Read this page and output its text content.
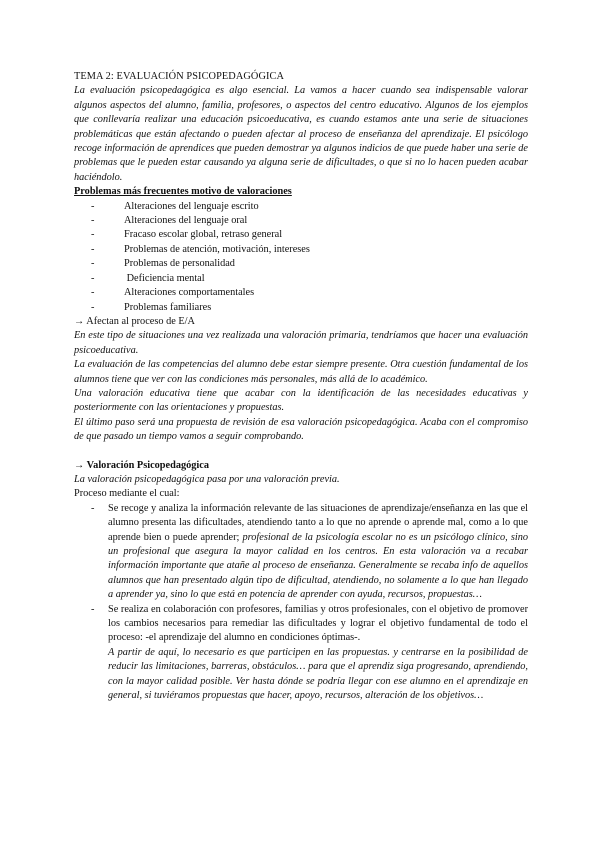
TEMA 2: EVALUACIÓN PSICOPEDAGÓGICA

La evaluación psicopedagógica es algo esencial. La vamos a hacer cuando sea indispensable valorar algunos aspectos del alumno, familia, profesores, o aspectos del centro educativo. Algunos de los ejemplos que conllevaría realizar una educación psicoeducativa, es cuando estamos ante una serie de situaciones problemáticas que están afectando o pueden afectar al proceso de enseñanza del aprendizaje. El psicólogo recoge información de aprendices que pueden demostrar ya algunos indicios de que puede haber una serie de problemas que le pueden estar causando ya alguna serie de dificultades, o que si no lo hacen pueden acabar haciéndolo.

Problemas más frecuentes motivo de valoraciones

- Alteraciones del lenguaje escrito
- Alteraciones del lenguaje oral
- Fracaso escolar global, retraso general
- Problemas de atención, motivación, intereses
- Problemas de personalidad
-  Deficiencia mental
- Alteraciones comportamentales
- Problemas familiares

→ Afectan al proceso de E/A

En este tipo de situaciones una vez realizada una valoración primaria, tendríamos que hacer una evaluación psicoeducativa.

La evaluación de las competencias del alumno debe estar siempre presente. Otra cuestión fundamental de los alumnos tiene que ver con las condiciones más personales, más allá de lo académico.

Una valoración educativa tiene que acabar con la identificación de las necesidades educativas y posteriormente con las orientaciones y propuestas.

El último paso será una propuesta de revisión de esa valoración psicopedagógica. Acaba con el compromiso de que pasado un tiempo vamos a seguir comprobando.

→ Valoración Psicopedagógica

La valoración psicopedagógica pasa por una valoración previa.

Proceso mediante el cual:

- Se recoge y analiza la información relevante de las situaciones de aprendizaje/enseñanza en las que el alumno presenta las dificultades, atendiendo tanto a lo que no aprende o aprende mal, como a lo que aprende bien o puede aprender; profesional de la psicología escolar no es un psicólogo clínico, sino un profesional que asegura la mayor calidad en los centros. En esta valoración va a recabar información importante que atañe al proceso de enseñanza. Generalmente se recaba info de aquellos alumnos que han presentado algún tipo de dificultad, atendiendo, no solamente a lo que han llegado a aprender ya, sino lo que está en potencia de aprender con ayuda, recursos, propuestas…
- Se realiza en colaboración con profesores, familias y otros profesionales, con el objetivo de promover los cambios necesarios para remediar las dificultades y lograr el objetivo fundamental de todo el proceso: -el aprendizaje del alumno en condiciones óptimas-.
A partir de aquí, lo necesario es que participen en las propuestas. y centrarse en la posibilidad de reducir las limitaciones, barreras, obstáculos… para que el aprendiz siga progresando, aprendiendo, con la mayor calidad posible. Ver hasta dónde se podría llegar con ese alumno en el aprendizaje en general, si tuviéramos propuestas que hacer, apoyo, recursos, alteración de los objetivos…
